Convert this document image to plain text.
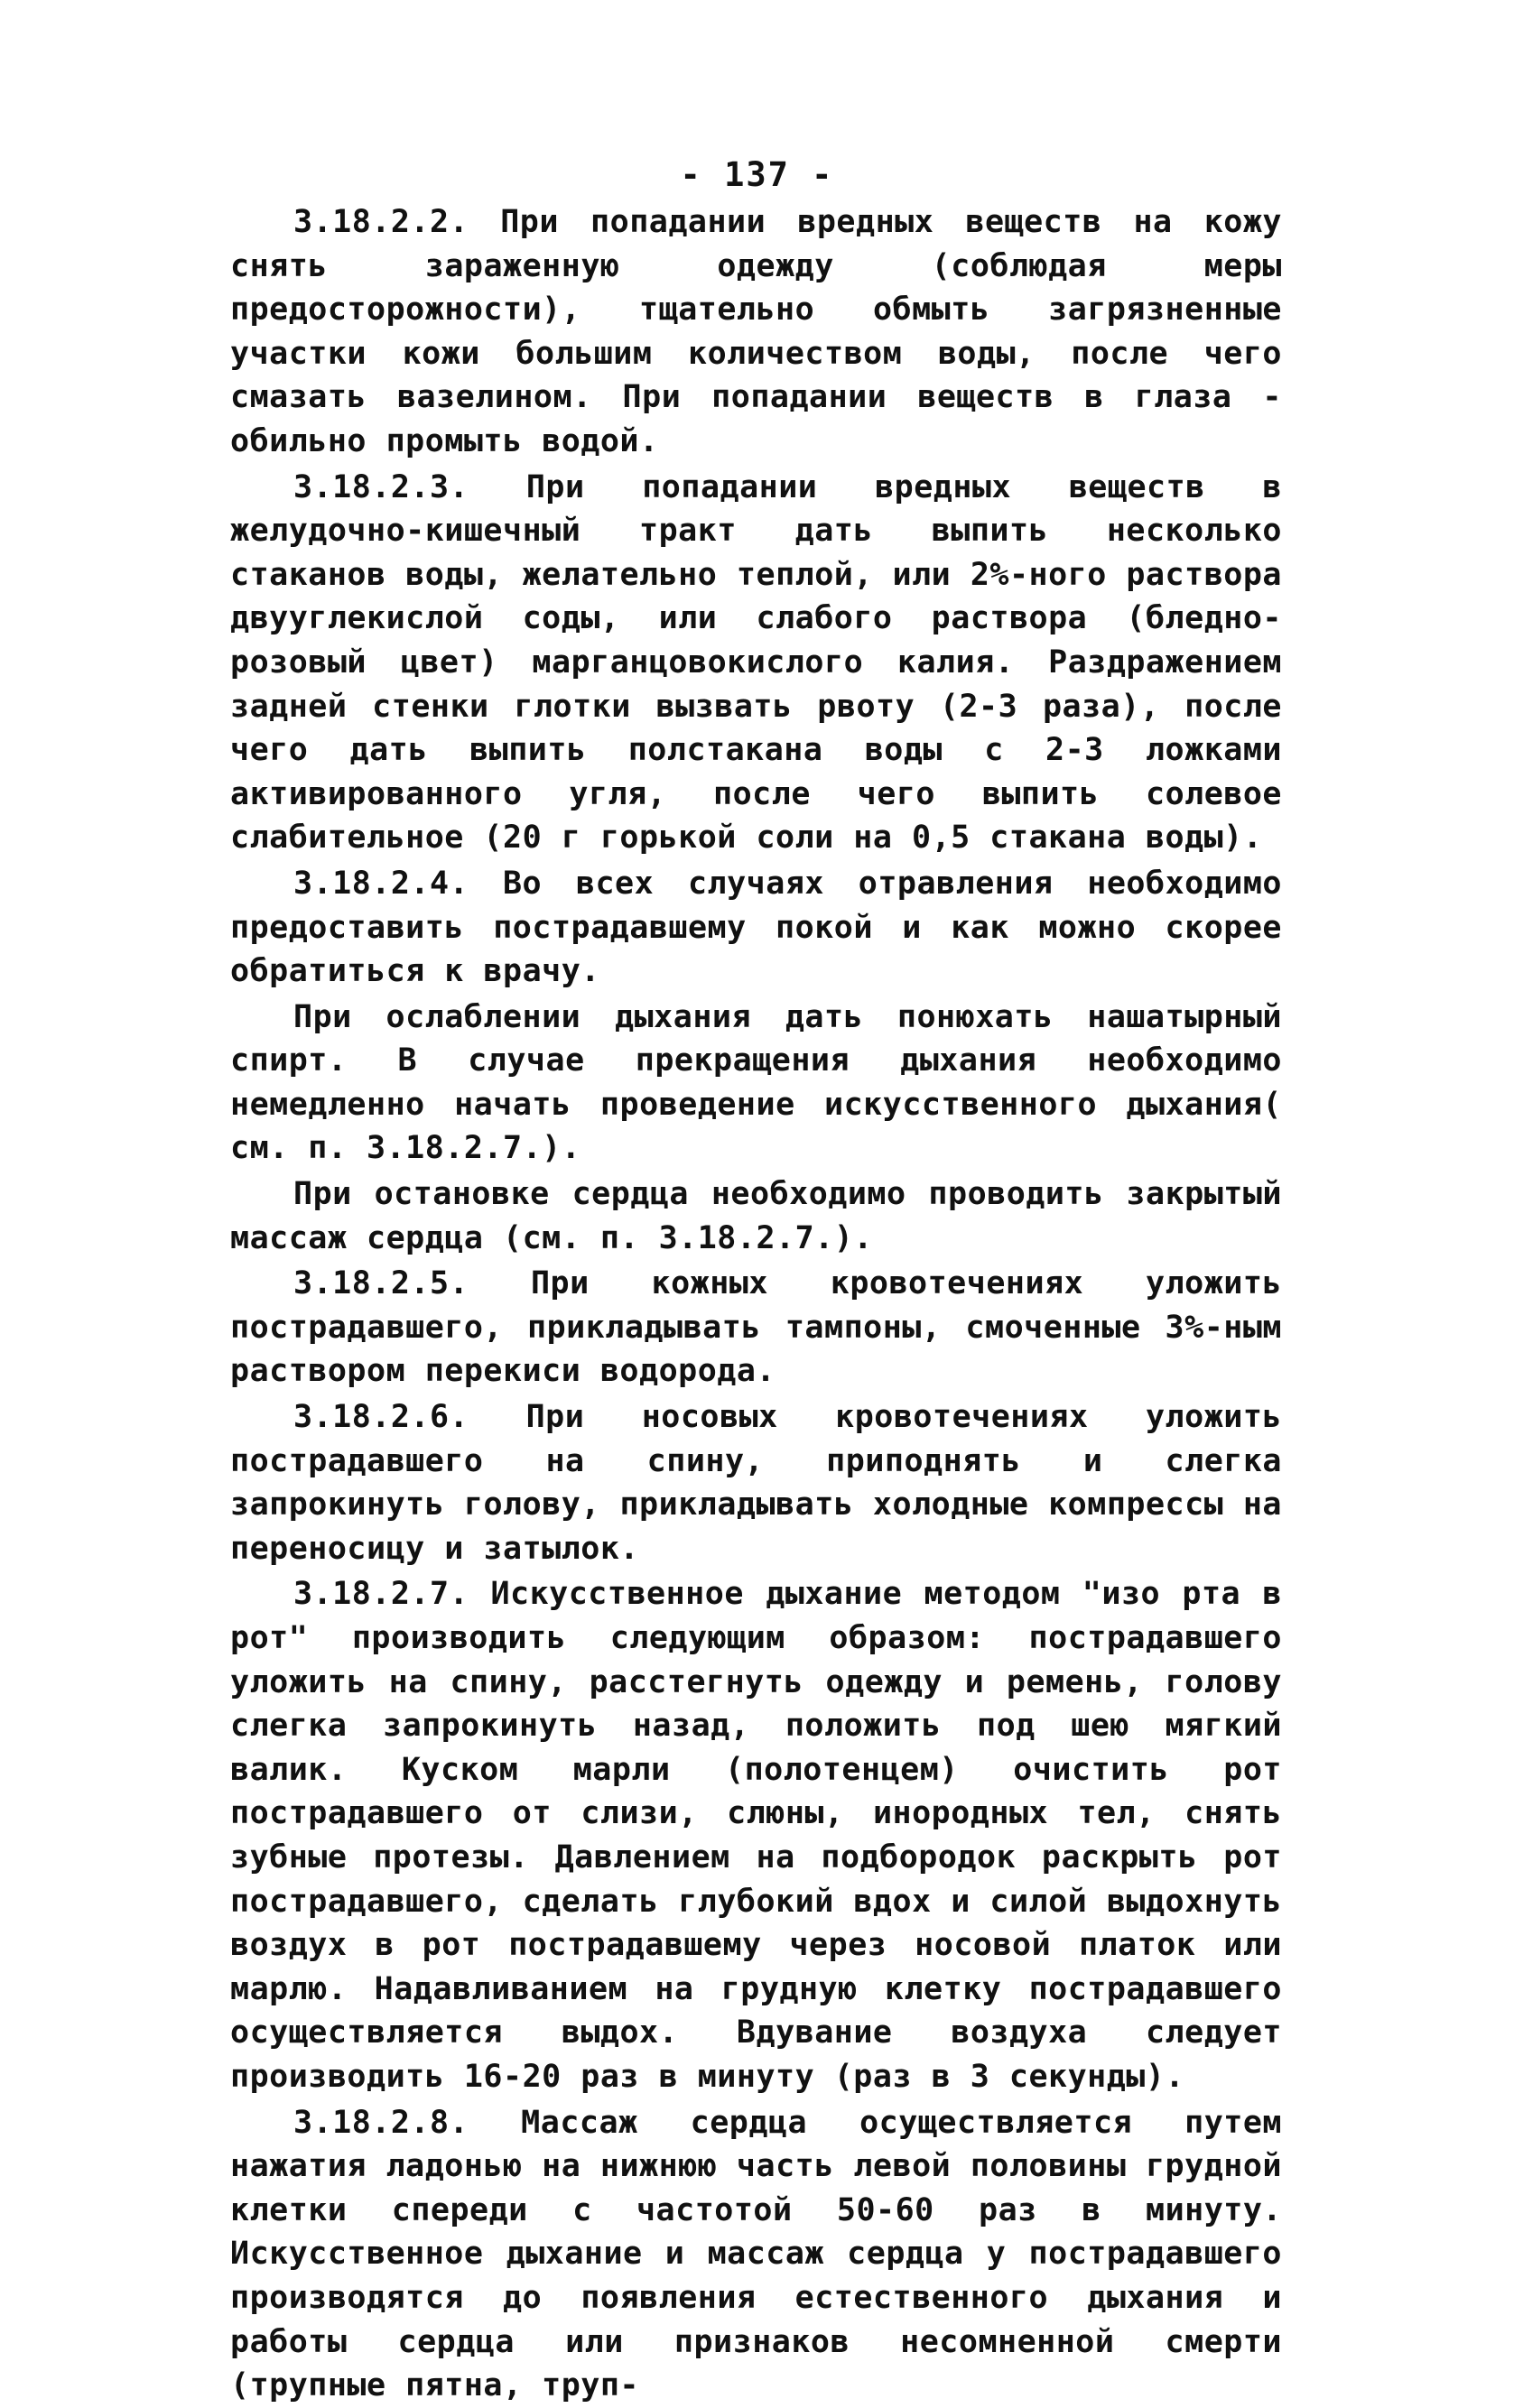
- 137 -

3.18.2.2. При попадании вредных веществ на кожу снять зараженную одежду (соблюдая меры предосторожности), тщательно обмыть загрязненные участки кожи большим количеством воды, после чего смазать вазелином. При попадании веществ в глаза - обильно промыть водой.

3.18.2.3. При попадании вредных веществ в желудочно-кишечный тракт дать выпить несколько стаканов воды, желательно теплой, или 2%-ного раствора двууглекислой соды, или слабого раствора (бледно-розовый цвет) марганцовокислого калия. Раздражением задней стенки глотки вызвать рвоту (2-3 раза), после чего дать выпить полстакана воды с 2-3 ложками активированного угля, после чего выпить солевое слабительное (20 г горькой соли на 0,5 стакана воды).

3.18.2.4. Во всех случаях отравления необходимо предоставить пострадавшему покой и как можно скорее обратиться к врачу.

При ослаблении дыхания дать понюхать нашатырный спирт. В случае прекращения дыхания необходимо немедленно начать проведение искусственного дыхания( см. п. 3.18.2.7.).

При остановке сердца необходимо проводить закрытый массаж сердца (см. п. 3.18.2.7.).

3.18.2.5. При кожных кровотечениях уложить пострадавшего, прикладывать тампоны, смоченные 3%-ным раствором перекиси водорода.

3.18.2.6. При носовых кровотечениях уложить пострадавшего на спину, приподнять и слегка запрокинуть голову, прикладывать холодные компрессы на переносицу и затылок.

3.18.2.7. Искусственное дыхание методом "изо рта в рот" производить следующим образом: пострадавшего уложить на спину, расстегнуть одежду и ремень, голову слегка запрокинуть назад, положить под шею мягкий валик. Куском марли (полотенцем) очистить рот пострадавшего от слизи, слюны, инородных тел, снять зубные протезы. Давлением на подбородок раскрыть рот пострадавшего, сделать глубокий вдох и силой выдохнуть воздух в рот пострадавшему через носовой платок или марлю. Надавливанием на грудную клетку пострадавшего осуществляется выдох. Вдувание воздуха следует производить 16-20 раз в минуту (раз в 3 секунды).

3.18.2.8. Массаж сердца осуществляется путем нажатия ладонью на нижнюю часть левой половины грудной клетки спереди с частотой 50-60 раз в минуту. Искусственное дыхание и массаж сердца у пострадавшего производятся до появления естественного дыхания и работы сердца или признаков несомненной смерти (трупные пятна, труп-
